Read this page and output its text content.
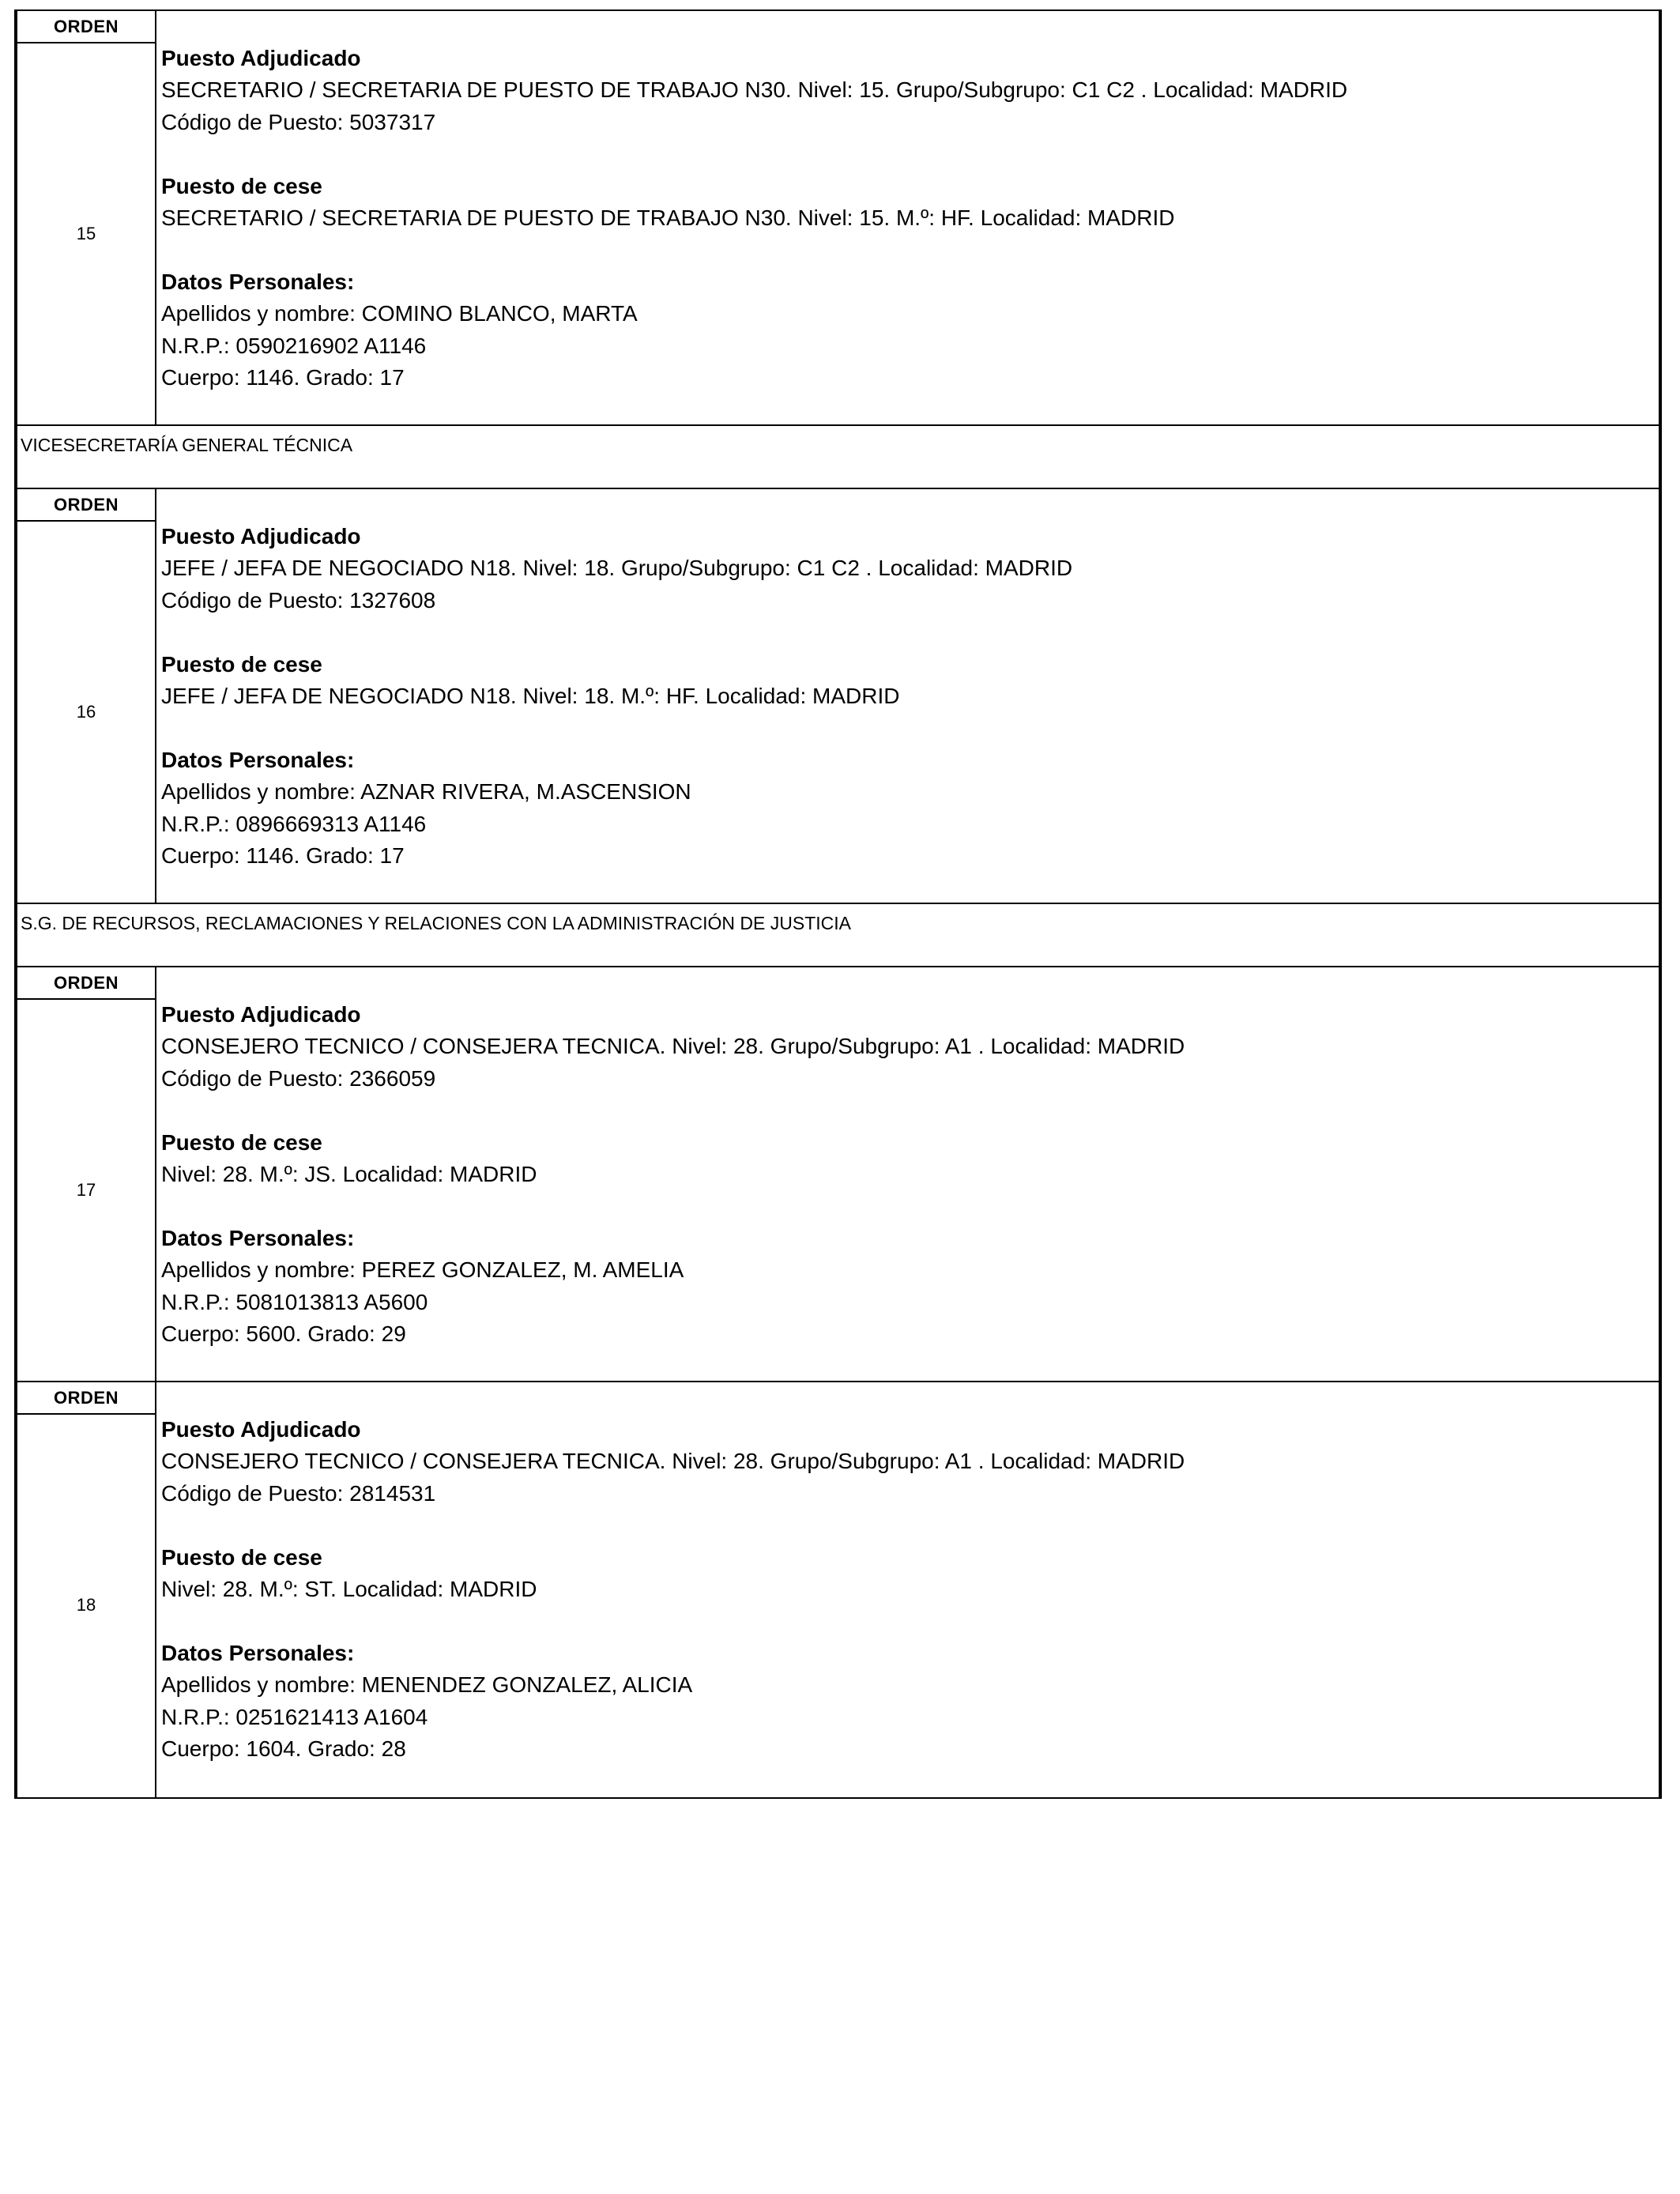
ORDEN
15
Puesto Adjudicado
SECRETARIO / SECRETARIA DE PUESTO DE TRABAJO N30. Nivel: 15. Grupo/Subgrupo: C1 C2 . Localidad: MADRID
Código de Puesto: 5037317
Puesto de cese
SECRETARIO / SECRETARIA DE PUESTO DE TRABAJO N30. Nivel: 15. M.º: HF. Localidad: MADRID
Datos Personales:
Apellidos y nombre: COMINO BLANCO, MARTA
N.R.P.: 0590216902 A1146
Cuerpo: 1146. Grado: 17
VICESECRETARÍA GENERAL TÉCNICA
ORDEN
16
Puesto Adjudicado
JEFE / JEFA DE NEGOCIADO N18. Nivel: 18. Grupo/Subgrupo: C1 C2 . Localidad: MADRID
Código de Puesto: 1327608
Puesto de cese
JEFE / JEFA DE NEGOCIADO N18. Nivel: 18. M.º: HF. Localidad: MADRID
Datos Personales:
Apellidos y nombre: AZNAR RIVERA, M.ASCENSION
N.R.P.: 0896669313 A1146
Cuerpo: 1146. Grado: 17
S.G. DE RECURSOS, RECLAMACIONES Y RELACIONES CON LA ADMINISTRACIÓN DE JUSTICIA
ORDEN
17
Puesto Adjudicado
CONSEJERO TECNICO / CONSEJERA TECNICA. Nivel: 28. Grupo/Subgrupo: A1 . Localidad: MADRID
Código de Puesto: 2366059
Puesto de cese
Nivel: 28. M.º: JS. Localidad: MADRID
Datos Personales:
Apellidos y nombre: PEREZ GONZALEZ, M. AMELIA
N.R.P.: 5081013813 A5600
Cuerpo: 5600. Grado: 29
ORDEN
18
Puesto Adjudicado
CONSEJERO TECNICO / CONSEJERA TECNICA. Nivel: 28. Grupo/Subgrupo: A1 . Localidad: MADRID
Código de Puesto: 2814531
Puesto de cese
Nivel: 28. M.º: ST. Localidad: MADRID
Datos Personales:
Apellidos y nombre: MENENDEZ GONZALEZ, ALICIA
N.R.P.: 0251621413 A1604
Cuerpo: 1604. Grado: 28
